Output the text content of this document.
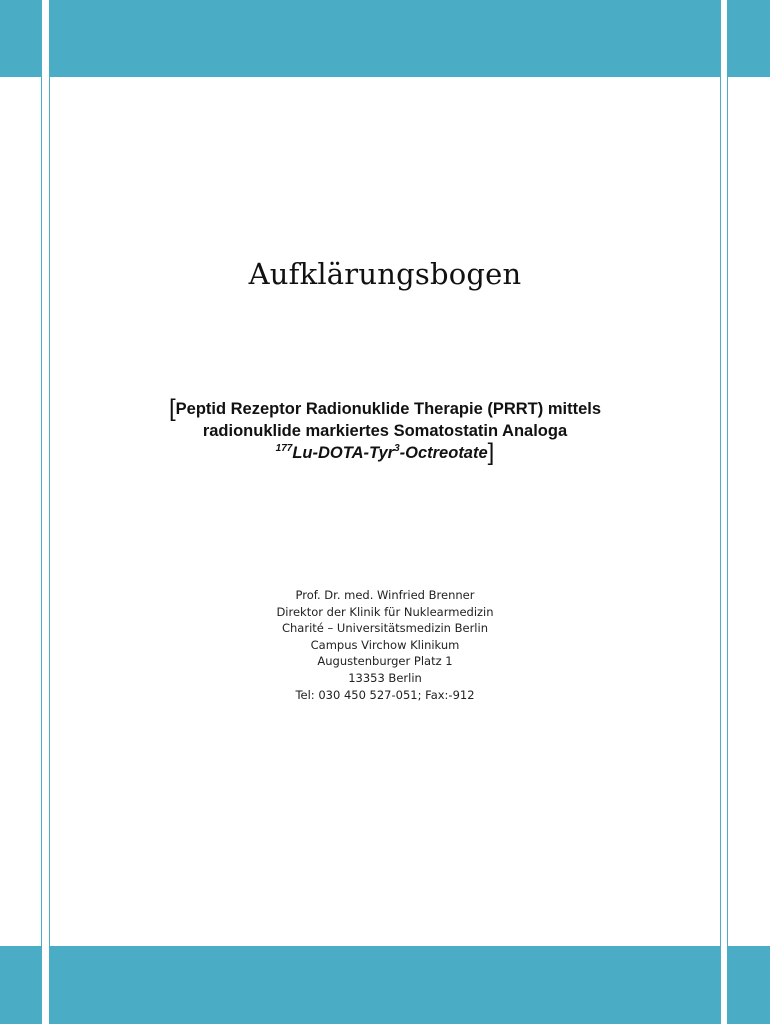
Aufklärungsbogen
[Peptid Rezeptor Radionuklide Therapie (PRRT) mittels
radionuklide markiertes Somatostatin Analoga
$^{177}$Lu-DOTA-Tyr$^3$-Octreotate]
Prof. Dr. med. Winfried Brenner
Direktor der Klinik für Nuklearmedizin
Charité – Universitätsmedizin Berlin
Campus Virchow Klinikum
Augustenburger Platz 1
13353 Berlin
Tel: 030 450 527-051; Fax:-912
